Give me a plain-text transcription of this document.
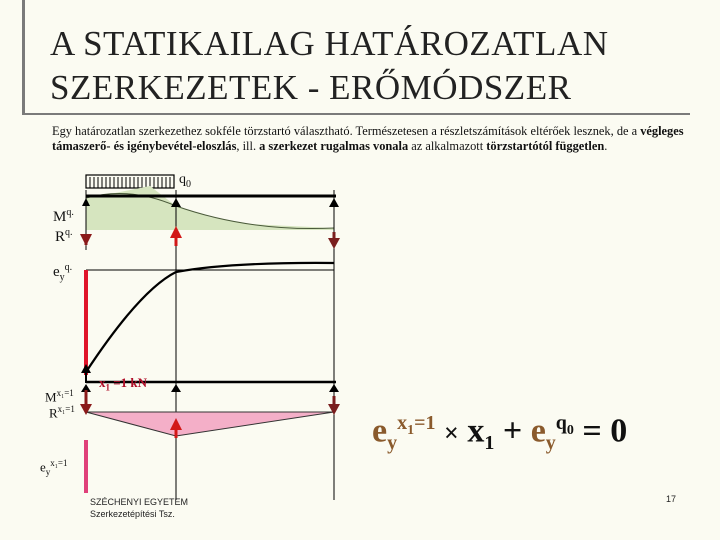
A STATIKAILAG HATÁROZATLAN
SZERKEZETEK - ERŐMÓDSZER
Egy határozatlan szerkezethez sokféle törzstartó választható. Természetesen a részletszámítások eltérőek lesznek, de a végleges támaszerő- és igénybevétel-eloszlás, ill. a szerkezet rugalmas vonala az alkalmazott törzstartótól független.
$q_0$
$M^{q.}$
$R^{q.}$
$e_y^{q.}$
$x_1 =1$ kN
$M^{x_1=1}$
$R^{x_1=1}$
$e_y^{x_1=1}$
$e_y^{x_1=1} \times x_1 + e_y^{q_0} = 0$
SZÉCHENYI EGYETEM
Szerkezetépítési Tsz.
17
